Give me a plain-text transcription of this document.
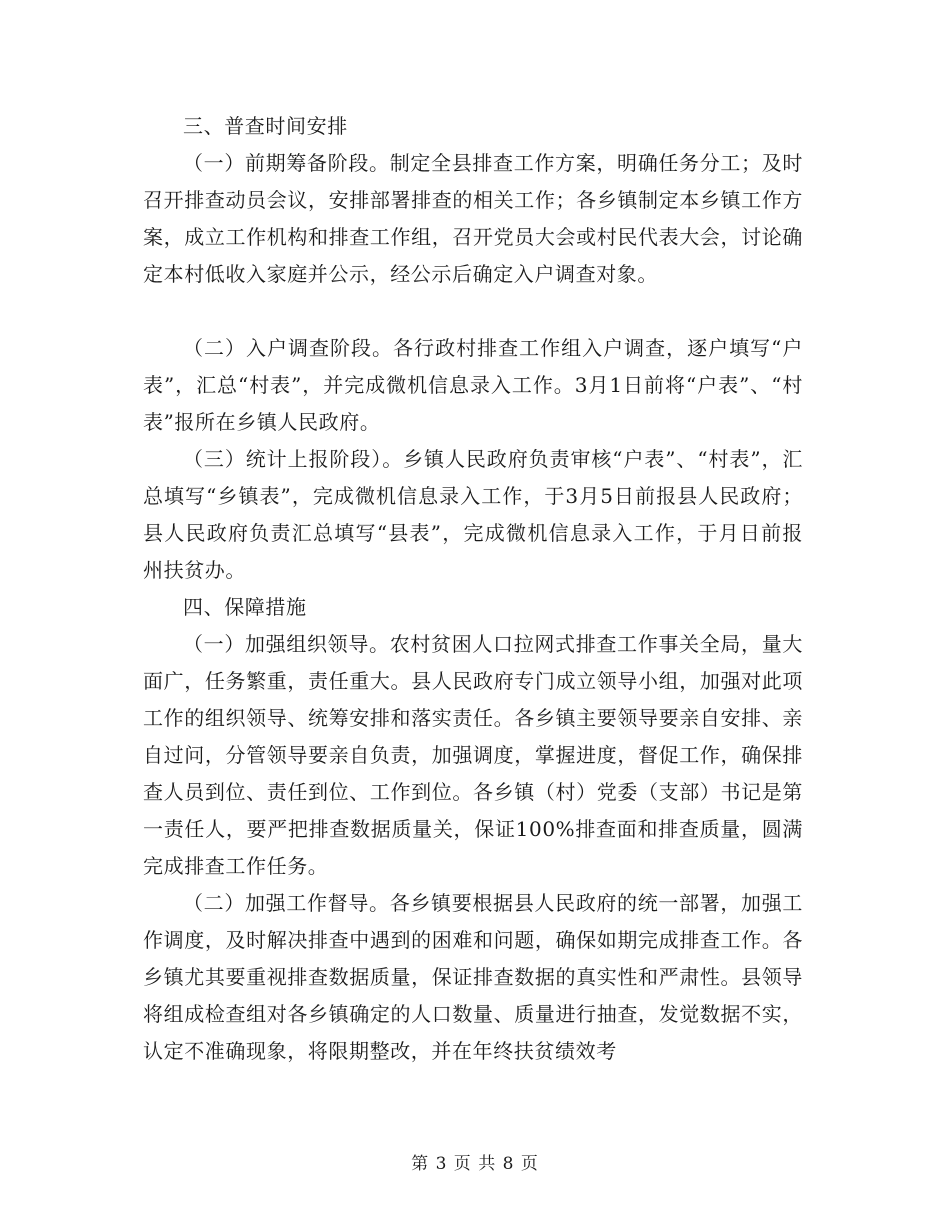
三、普查时间安排

（一）前期筹备阶段。制定全县排查工作方案，明确任务分工；及时召开排查动员会议，安排部署排查的相关工作；各乡镇制定本乡镇工作方案，成立工作机构和排查工作组，召开党员大会或村民代表大会，讨论确定本村低收入家庭并公示，经公示后确定入户调查对象。

（二）入户调查阶段。各行政村排查工作组入户调查，逐户填写“户表”，汇总“村表”，并完成微机信息录入工作。3月1日前将“户表”、“村表”报所在乡镇人民政府。

（三）统计上报阶段）。乡镇人民政府负责审核“户表”、“村表”，汇总填写“乡镇表”，完成微机信息录入工作，于3月5日前报县人民政府；县人民政府负责汇总填写“县表”，完成微机信息录入工作，于月日前报州扶贫办。

四、保障措施

（一）加强组织领导。农村贫困人口拉网式排查工作事关全局，量大面广，任务繁重，责任重大。县人民政府专门成立领导小组，加强对此项工作的组织领导、统筹安排和落实责任。各乡镇主要领导要亲自安排、亲自过问，分管领导要亲自负责，加强调度，掌握进度，督促工作，确保排查人员到位、责任到位、工作到位。各乡镇（村）党委（支部）书记是第一责任人，要严把排查数据质量关，保证100%排查面和排查质量，圆满完成排查工作任务。

（二）加强工作督导。各乡镇要根据县人民政府的统一部署，加强工作调度，及时解决排查中遇到的困难和问题，确保如期完成排查工作。各乡镇尤其要重视排查数据质量，保证排查数据的真实性和严肃性。县领导将组成检查组对各乡镇确定的人口数量、质量进行抽查，发觉数据不实，认定不准确现象，将限期整改，并在年终扶贫绩效考

第 3 页 共 8 页
